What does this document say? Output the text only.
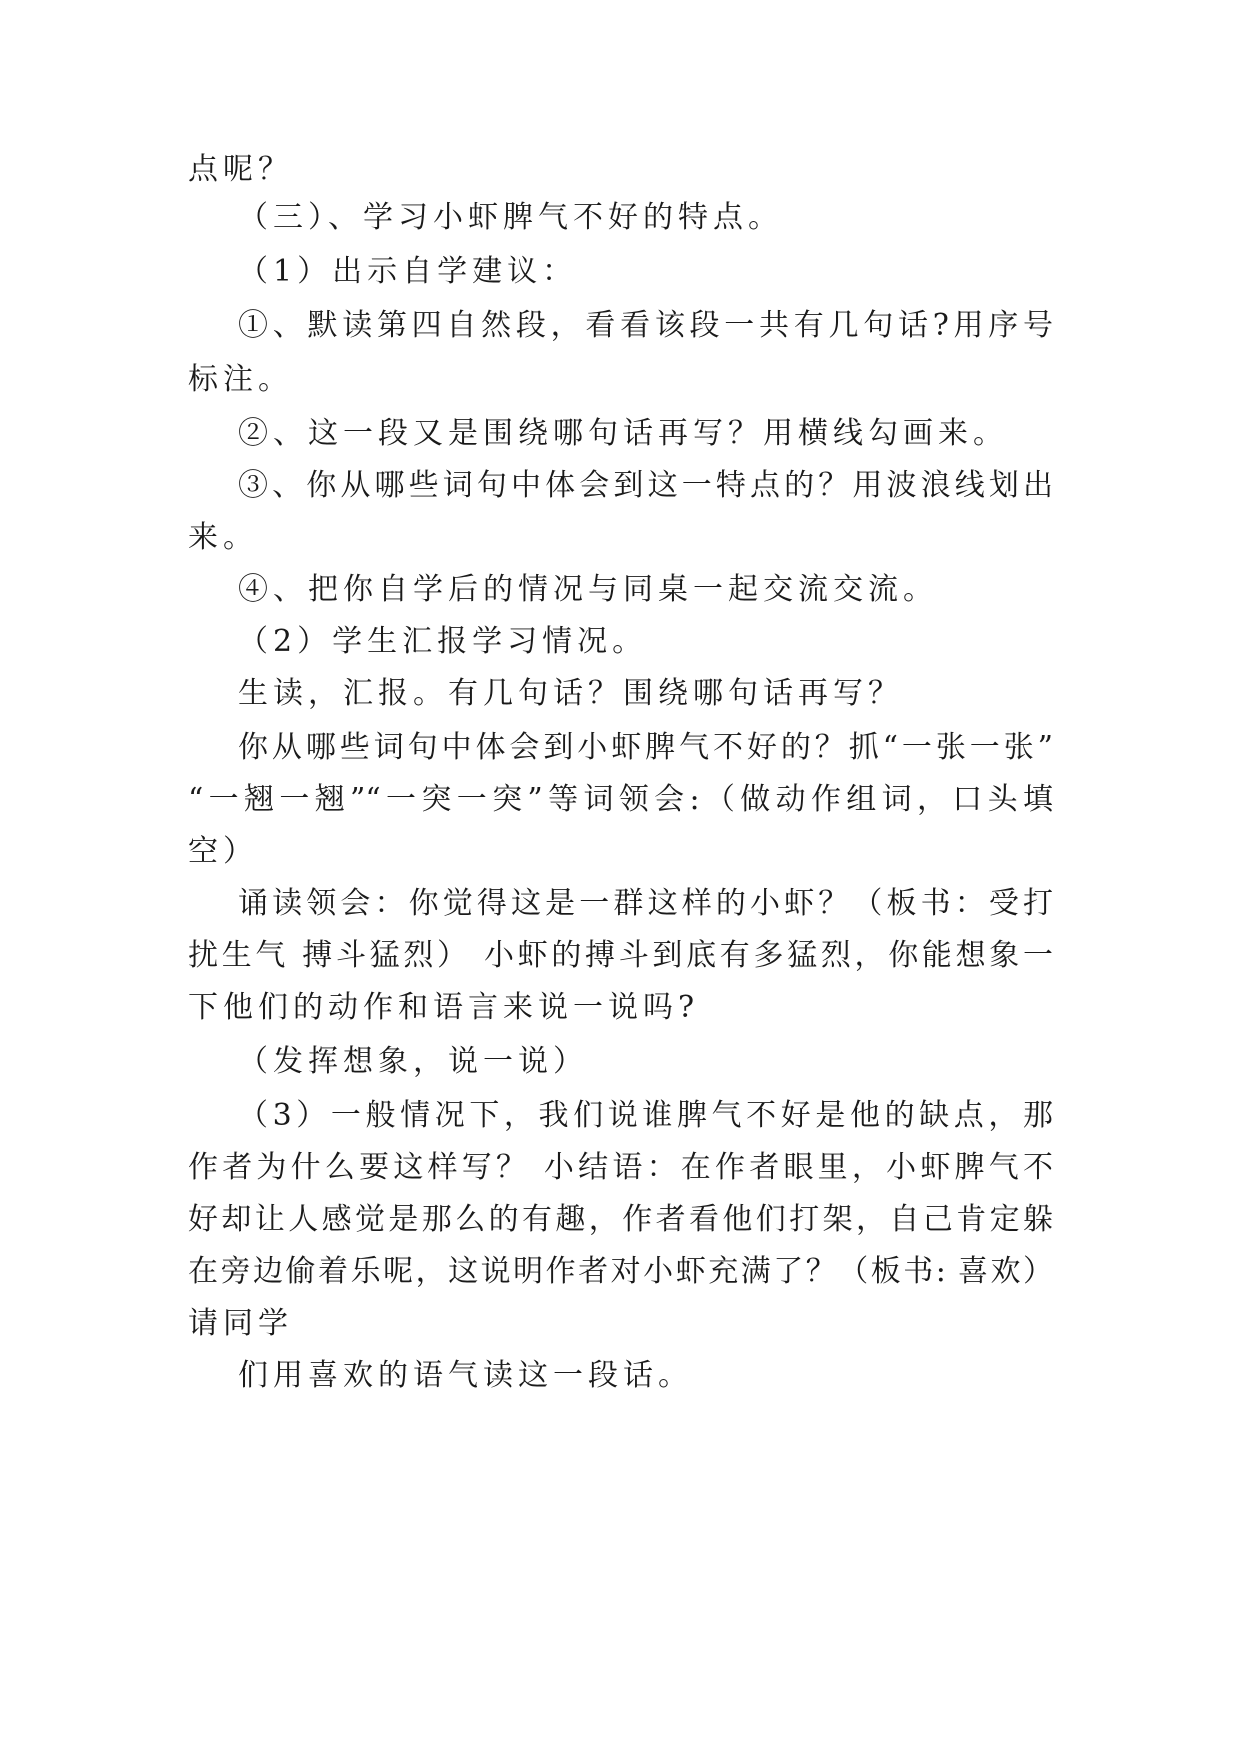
点呢？
（三）、学习小虾脾气不好的特点。
（1）出示自学建议：
①、默读第四自然段，看看该段一共有几句话?用序号
标注。
②、这一段又是围绕哪句话再写？用横线勾画来。
③、你从哪些词句中体会到这一特点的？用波浪线划出
来。
④、把你自学后的情况与同桌一起交流交流。
（2）学生汇报学习情况。
生读，汇报。有几句话？围绕哪句话再写？
你从哪些词句中体会到小虾脾气不好的？抓“一张一张”
“一翘一翘”“一突一突”等词领会:（做动作组词，口头填
空）
诵读领会：你觉得这是一群这样的小虾？（板书：受打
扰生气 搏斗猛烈） 小虾的搏斗到底有多猛烈，你能想象一
下他们的动作和语言来说一说吗?
（发挥想象，说一说）
（3）一般情况下，我们说谁脾气不好是他的缺点，那
作者为什么要这样写？ 小结语：在作者眼里，小虾脾气不
好却让人感觉是那么的有趣，作者看他们打架，自己肯定躲
在旁边偷着乐呢，这说明作者对小虾充满了？（板书: 喜欢）
请同学
们用喜欢的语气读这一段话。
